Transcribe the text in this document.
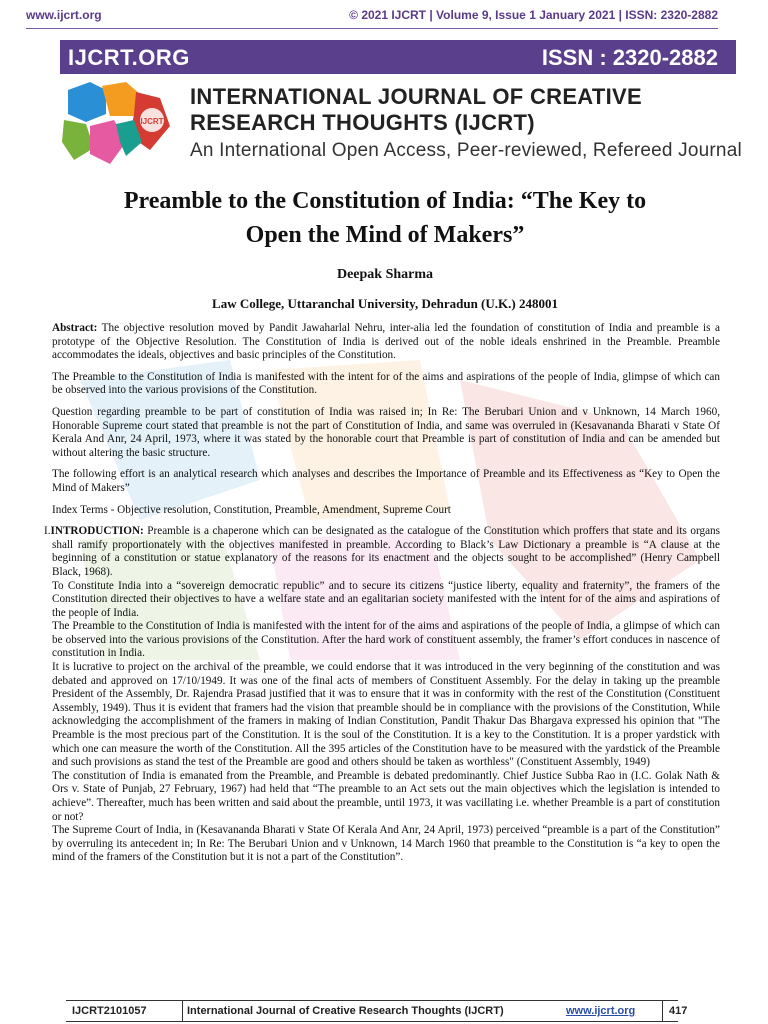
www.ijcrt.org	© 2021 IJCRT | Volume 9, Issue 1 January 2021 | ISSN: 2320-2882
IJCRT.ORG	ISSN : 2320-2882
IJCRT
INTERNATIONAL JOURNAL OF CREATIVE
RESEARCH THOUGHTS (IJCRT)
An International Open Access, Peer-reviewed, Refereed Journal
Preamble to the Constitution of India: “The Key to
Open the Mind of Makers”
Deepak Sharma
Law College, Uttaranchal University, Dehradun (U.K.) 248001

Abstract: The objective resolution moved by Pandit Jawaharlal Nehru, inter-alia led the foundation of constitution of India and preamble is a prototype of the Objective Resolution. The Constitution of India is derived out of the noble ideals enshrined in the Preamble. Preamble accommodates the ideals, objectives and basic principles of the Constitution.

The Preamble to the Constitution of India is manifested with the intent for of the aims and aspirations of the people of India, glimpse of which can be observed into the various provisions of the Constitution.

Question regarding preamble to be part of constitution of India was raised in; In Re: The Berubari Union and v Unknown, 14 March 1960, Honorable Supreme court stated that preamble is not the part of Constitution of India, and same was overruled in (Kesavananda Bharati v State Of Kerala And Anr, 24 April, 1973, where it was stated by the honorable court that Preamble is part of constitution of India and can be amended but without altering the basic structure.

The following effort is an analytical research which analyses and describes the Importance of Preamble and its Effectiveness as “Key to Open the Mind of Makers”

Index Terms - Objective resolution, Constitution, Preamble, Amendment, Supreme Court

I.INTRODUCTION: Preamble is a chaperone which can be designated as the catalogue of the Constitution which proffers that state and its organs shall ramify proportionately with the objectives manifested in preamble. According to Black’s Law Dictionary a preamble is “A clause at the beginning of a constitution or statue explanatory of the reasons for its enactment and the objects sought to be accomplished” (Henry Campbell Black, 1968).

To Constitute India into a “sovereign democratic republic” and to secure its citizens “justice liberty, equality and fraternity”, the framers of the Constitution directed their objectives to have a welfare state and an egalitarian society manifested with the intent for of the aims and aspirations of the people of India.

The Preamble to the Constitution of India is manifested with the intent for of the aims and aspirations of the people of India, a glimpse of which can be observed into the various provisions of the Constitution. After the hard work of constituent assembly, the framer’s effort conduces in nascence of constitution in India.

It is lucrative to project on the archival of the preamble, we could endorse that it was introduced in the very beginning of the constitution and was debated and approved on 17/10/1949. It was one of the final acts of members of Constituent Assembly. For the delay in taking up the preamble President of the Assembly, Dr. Rajendra Prasad justified that it was to ensure that it was in conformity with the rest of the Constitution (Constituent Assembly, 1949). Thus it is evident that framers had the vision that preamble should be in compliance with the provisions of the Constitution, While acknowledging the accomplishment of the framers in making of Indian Constitution, Pandit Thakur Das Bhargava expressed his opinion that "The Preamble is the most precious part of the Constitution. It is the soul of the Constitution. It is a key to the Constitution. It is a proper yardstick with which one can measure the worth of the Constitution. All the 395 articles of the Constitution have to be measured with the yardstick of the Preamble and such provisions as stand the test of the Preamble are good and others should be taken as worthless" (Constituent Assembly, 1949)

The constitution of India is emanated from the Preamble, and Preamble is debated predominantly. Chief Justice Subba Rao in (I.C. Golak Nath & Ors v. State of Punjab, 27 February, 1967) had held that “The preamble to an Act sets out the main objectives which the legislation is intended to achieve”. Thereafter, much has been written and said about the preamble, until 1973, it was vacillating i.e. whether Preamble is a part of constitution or not?

The Supreme Court of India, in (Kesavananda Bharati v State Of Kerala And Anr, 24 April, 1973) perceived “preamble is a part of the Constitution” by overruling its antecedent in; In Re: The Berubari Union and v Unknown, 14 March 1960 that preamble to the Constitution is “a key to open the mind of the framers of the Constitution but it is not a part of the Constitution”.

IJCRT2101057	International Journal of Creative Research Thoughts (IJCRT)	www.ijcrt.org	417
